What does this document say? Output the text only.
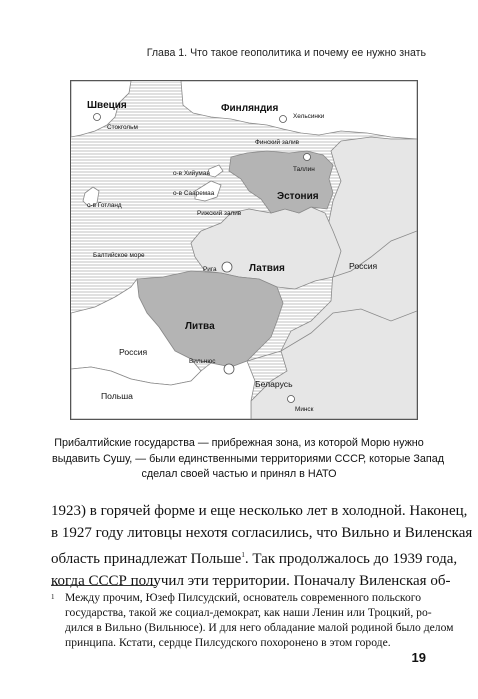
Глава 1. Что такое геополитика и почему ее нужно знать
Швеция
Стокгольм
Финляндия
Хельсинки
Финский залив
Таллин
о-в Хийумаа
о-в Сааремаа
о-в Готланд
Эстония
Рижский залив
Балтийское море
Рига	Латвия	Россия
Литва
Вильнюс
Россия
Польша
Беларусь
Минск
Прибалтийские государства — прибрежная зона, из которой Морю нужно
выдавить Сушу, — были единственными территориями СССР, которые Запад
сделал своей частью и принял в НАТО
1923) в горячей форме и еще несколько лет в холодной. Наконец,
в 1927 году литовцы нехотя согласились, что Вильно и Виленская
область принадлежат Польше$^1$. Так продолжалось до 1939 года,
когда СССР получил эти территории. Поначалу Виленская об-
1 Между прочим, Юзеф Пилсудский, основатель современного польского
государства, такой же социал-демократ, как наши Ленин или Троцкий, ро-
дился в Вильно (Вильнюсе). И для него обладание малой родиной было делом
принципа. Кстати, сердце Пилсудского похоронено в этом городе.
19
